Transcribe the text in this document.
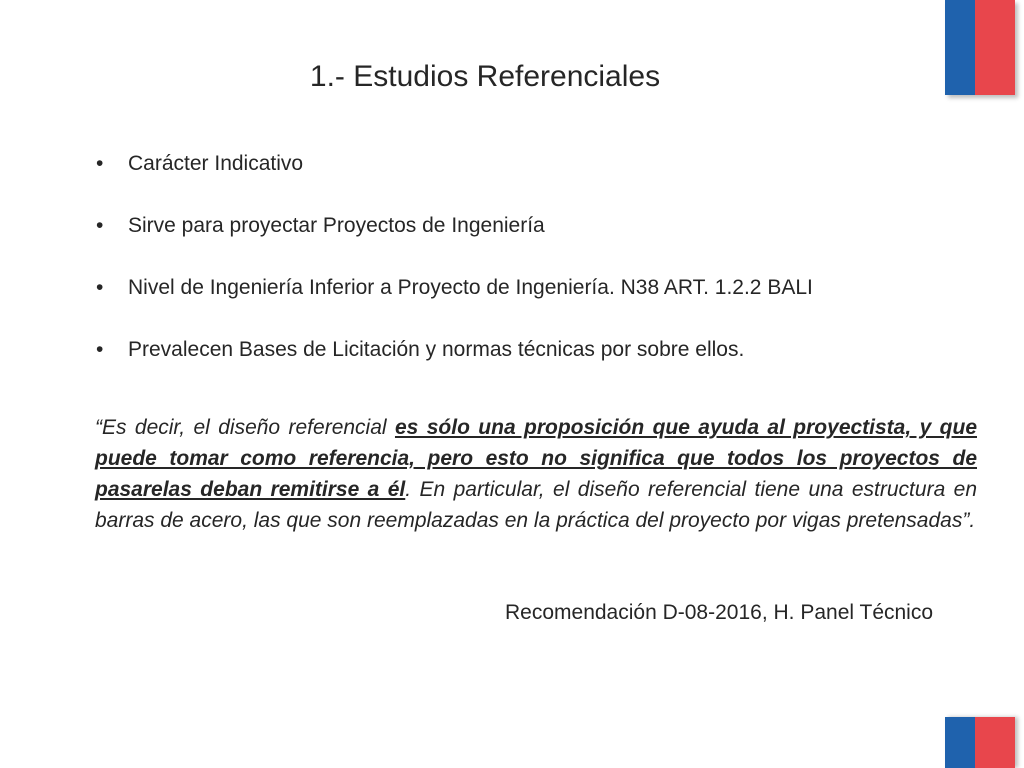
1.- Estudios Referenciales
• Carácter Indicativo
• Sirve para proyectar Proyectos de Ingeniería
• Nivel de Ingeniería Inferior a Proyecto de Ingeniería. N38 ART. 1.2.2 BALI
• Prevalecen Bases de Licitación y normas técnicas por sobre ellos.
“Es decir, el diseño referencial es sólo una proposición que ayuda al proyectista, y que puede tomar como referencia, pero esto no significa que todos los proyectos de pasarelas deban remitirse a él. En particular, el diseño referencial tiene una estructura en barras de acero, las que son reemplazadas en la práctica del proyecto por vigas pretensadas”.
Recomendación D-08-2016, H. Panel Técnico
